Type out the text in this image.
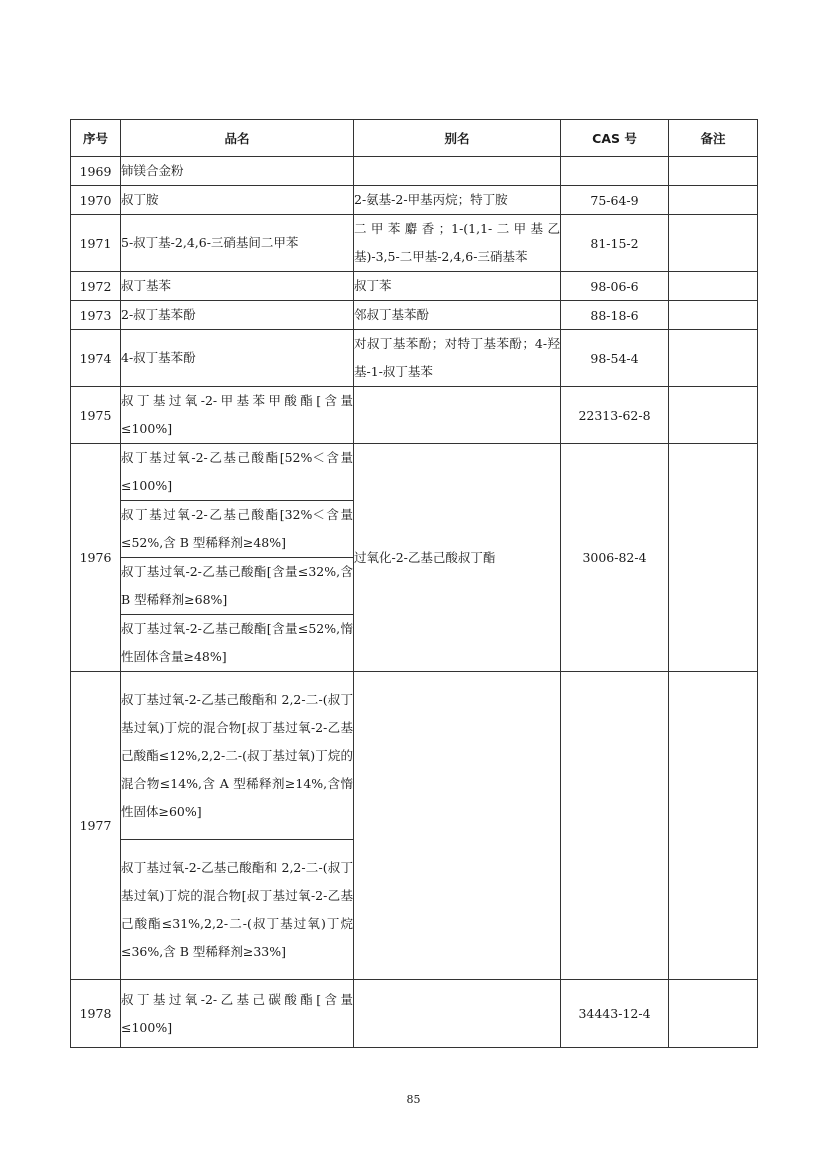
序号	品名	别名	CAS 号	备注
1969	铈镁合金粉			
1970	叔丁胺	2-氨基-2-甲基丙烷；特丁胺	75-64-9	
1971	5-叔丁基-2,4,6-三硝基间二甲苯	二甲苯麝香；1-(1,1-二甲基乙基)-3,5-二甲基-2,4,6-三硝基苯	81-15-2	
1972	叔丁基苯	叔丁苯	98-06-6	
1973	2-叔丁基苯酚	邻叔丁基苯酚	88-18-6	
1974	4-叔丁基苯酚	对叔丁基苯酚；对特丁基苯酚；4-羟基-1-叔丁基苯	98-54-4	
1975	叔丁基过氧-2-甲基苯甲酸酯[含量≤100%]		22313-62-8	
1976	叔丁基过氧-2-乙基己酸酯[52%＜含量≤100%]	过氧化-2-乙基己酸叔丁酯	3006-82-4	
	叔丁基过氧-2-乙基己酸酯[32%＜含量≤52%,含 B 型稀释剂≥48%]			
	叔丁基过氧-2-乙基己酸酯[含量≤32%,含 B 型稀释剂≥68%]			
	叔丁基过氧-2-乙基己酸酯[含量≤52%,惰性固体含量≥48%]			
1977	叔丁基过氧-2-乙基己酸酯和 2,2-二-(叔丁基过氧)丁烷的混合物[叔丁基过氧-2-乙基己酸酯≤12%,2,2-二-(叔丁基过氧)丁烷的混合物≤14%,含 A 型稀释剂≥14%,含惰性固体≥60%]			
	叔丁基过氧-2-乙基己酸酯和 2,2-二-(叔丁基过氧)丁烷的混合物[叔丁基过氧-2-乙基己酸酯≤31%,2,2-二-(叔丁基过氧)丁烷≤36%,含 B 型稀释剂≥33%]			
1978	叔丁基过氧-2-乙基己碳酸酯[含量≤100%]		34443-12-4	
85
